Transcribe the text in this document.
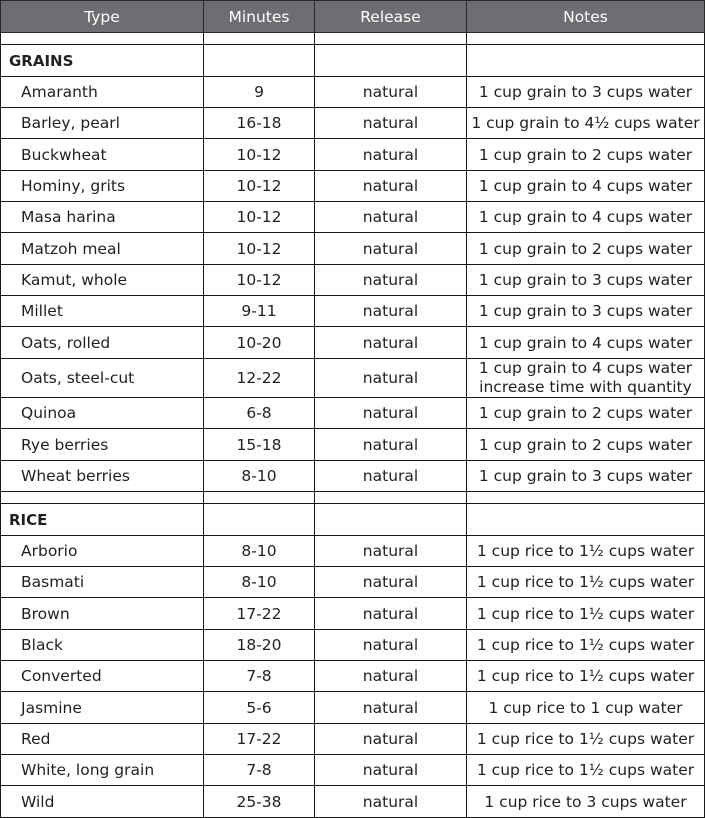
Type	Minutes	Release	Notes

GRAINS			
Amaranth	9	natural	1 cup grain to 3 cups water

Barley, pearl	16-18	natural	1 cup grain to 4½ cups water

Buckwheat	10-12	natural	1 cup grain to 2 cups water

Hominy, grits	10-12	natural	1 cup grain to 4 cups water

Masa harina	10-12	natural	1 cup grain to 4 cups water

Matzoh meal	10-12	natural	1 cup grain to 2 cups water

Kamut, whole	10-12	natural	1 cup grain to 3 cups water

Millet	9-11	natural	1 cup grain to 3 cups water

Oats, rolled	10-20	natural	1 cup grain to 4 cups water

Oats, steel-cut	12-22	natural	1 cup grain to 4 cups water
increase time with quantity

Quinoa	6-8	natural	1 cup grain to 2 cups water

Rye berries	15-18	natural	1 cup grain to 2 cups water

Wheat berries	8-10	natural	1 cup grain to 3 cups water

RICE			
Arborio	8-10	natural	1 cup rice to 1½ cups water

Basmati	8-10	natural	1 cup rice to 1½ cups water

Brown	17-22	natural	1 cup rice to 1½ cups water

Black	18-20	natural	1 cup rice to 1½ cups water

Converted	7-8	natural	1 cup rice to 1½ cups water

Jasmine	5-6	natural	1 cup rice to 1 cup water

Red	17-22	natural	1 cup rice to 1½ cups water

White, long grain	7-8	natural	1 cup rice to 1½ cups water

Wild	25-38	natural	1 cup rice to 3 cups water
